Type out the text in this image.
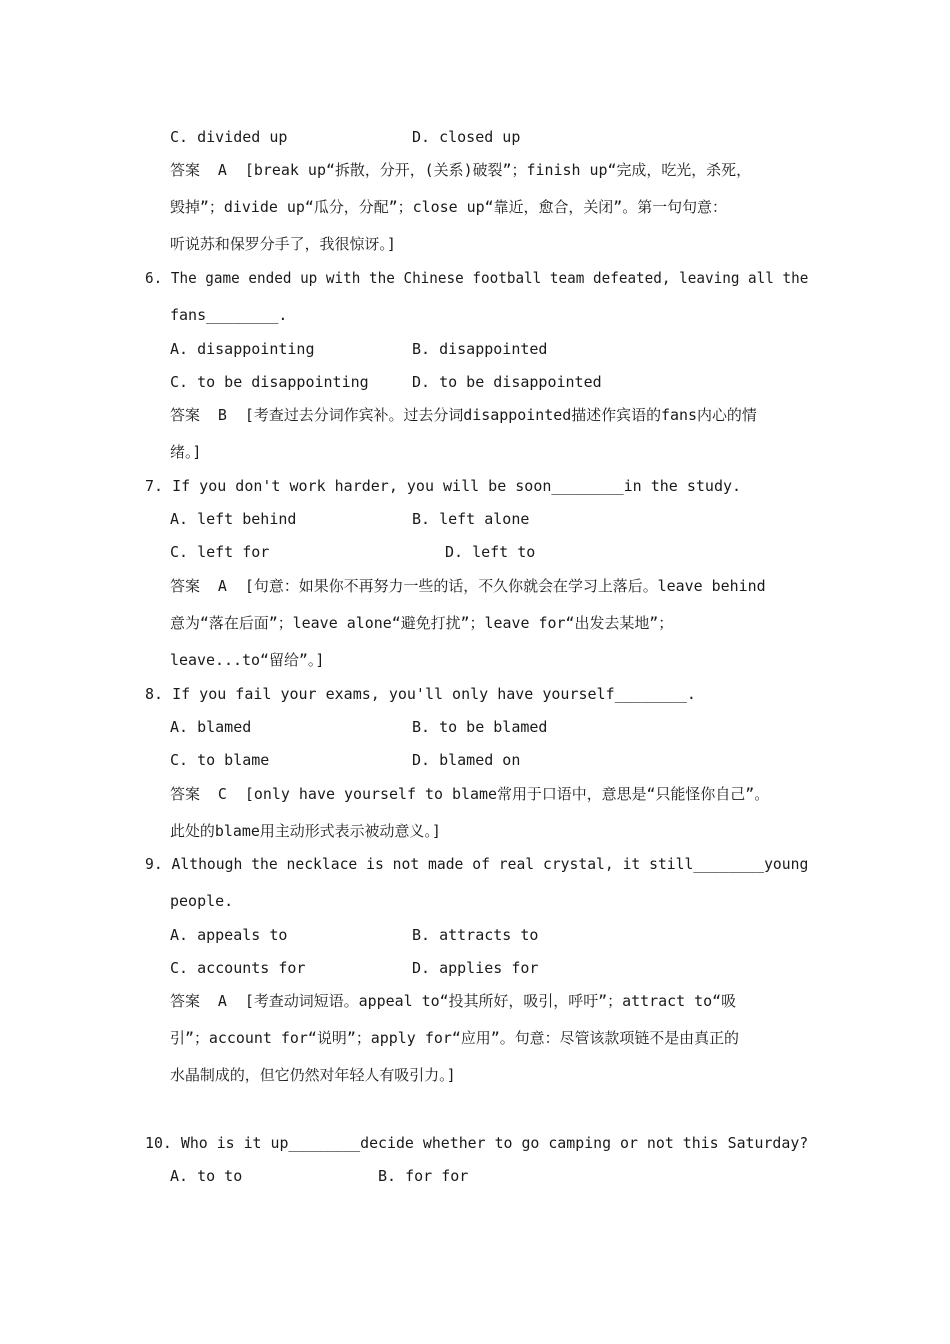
C. divided up	D. closed up
答案  A  [break up“拆散，分开，(关系)破裂”；finish up“完成，吃光，杀死，
毁掉”；divide up“瓜分，分配”；close up“靠近，愈合，关闭”。第一句句意：
听说苏和保罗分手了，我很惊讶。]
6. The game ended up with the Chinese football team defeated, leaving all the
fans________.
A. disappointing	B. disappointed
C. to be disappointing	D. to be disappointed
答案  B  [考查过去分词作宾补。过去分词disappointed描述作宾语的fans内心的情
绪。]
7. If you don't work harder, you will be soon________in the study.
A. left behind	B. left alone
C. left for	D. left to
答案  A  [句意：如果你不再努力一些的话，不久你就会在学习上落后。leave behind
意为“落在后面”；leave alone“避免打扰”；leave for“出发去某地”；
leave...to“留给”。]
8. If you fail your exams, you'll only have yourself________.
A. blamed	B. to be blamed
C. to blame	D. blamed on
答案  C  [only have yourself to blame常用于口语中，意思是“只能怪你自己”。
此处的blame用主动形式表示被动意义。]
9. Although the necklace is not made of real crystal, it still________young
people.
A. appeals to	B. attracts to
C. accounts for	D. applies for
答案  A  [考查动词短语。appeal to“投其所好，吸引，呼吁”；attract to“吸
引”；account for“说明”；apply for“应用”。句意：尽管该款项链不是由真正的
水晶制成的，但它仍然对年轻人有吸引力。]
10. Who is it up________decide whether to go camping or not this Saturday?
A. to to	B. for for
